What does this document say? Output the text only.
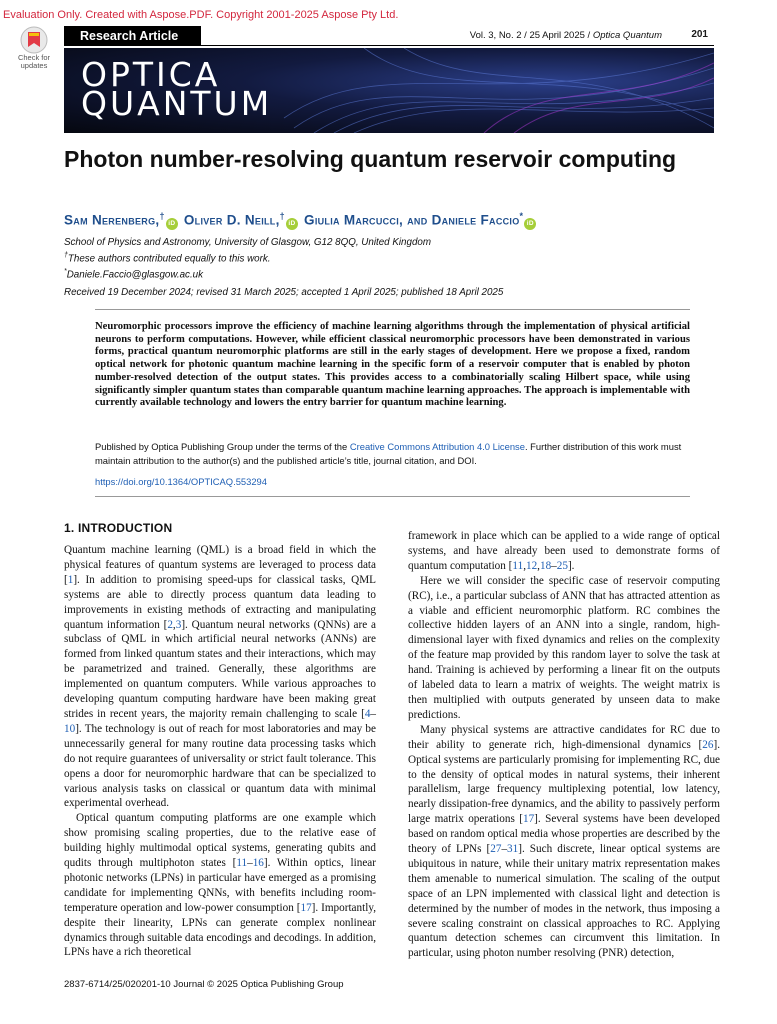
Evaluation Only. Created with Aspose.PDF. Copyright 2001-2025 Aspose Pty Ltd.
Check for
updates
Research Article	Vol. 3, No. 2 / 25 April 2025 / Optica Quantum	201
OPTICA
QUANTUM
Photon number-resolving quantum reservoir computing
Sam Nerenberg,†iD Oliver D. Neill,†iD Giulia Marcucci, and Daniele Faccio*iD
School of Physics and Astronomy, University of Glasgow, G12 8QQ, United Kingdom
†These authors contributed equally to this work.
*Daniele.Faccio@glasgow.ac.uk
Received 19 December 2024; revised 31 March 2025; accepted 1 April 2025; published 18 April 2025
Neuromorphic processors improve the efficiency of machine learning algorithms through the implementation of physical artificial neurons to perform computations. However, while efficient classical neuromorphic processors have been demonstrated in various forms, practical quantum neuromorphic platforms are still in the early stages of development. Here we propose a fixed, random optical network for photonic quantum machine learning in the specific form of a reservoir computer that is enabled by photon number-resolved detection of the output states. This provides access to a combinatorially scaling Hilbert space, while using significantly simpler quantum states than comparable quantum machine learning approaches. The approach is implementable with currently available technology and lowers the entry barrier for quantum machine learning.
Published by Optica Publishing Group under the terms of the Creative Commons Attribution 4.0 License. Further distribution of this work must maintain attribution to the author(s) and the published article’s title, journal citation, and DOI.
https://doi.org/10.1364/OPTICAQ.553294
1. INTRODUCTION

Quantum machine learning (QML) is a broad field in which the physical features of quantum systems are leveraged to process data [1]. In addition to promising speed-ups for classical tasks, QML systems are able to directly process quantum data leading to improvements in existing methods of extracting and manipulating quantum information [2,3]. Quantum neural networks (QNNs) are a subclass of QML in which artificial neural networks (ANNs) are formed from linked quantum states and their interactions, which may be parametrized and trained. Generally, these algorithms are implemented on quantum computers. While various approaches to developing quantum computing hardware have been making great strides in recent years, the majority remain challenging to scale [4–10]. The technology is out of reach for most laboratories and may be unnecessarily general for many routine data processing tasks which do not require guarantees of universality or strict fault tolerance. This opens a door for neuromorphic hardware that can be specialized to various analysis tasks on classical or quantum data with minimal experimental overhead.

Optical quantum computing platforms are one example which show promising scaling properties, due to the relative ease of building highly multimodal optical systems, generating qubits and qudits through multiphoton states [11–16]. Within optics, linear photonic networks (LPNs) in particular have emerged as a promising candidate for implementing QNNs, with benefits including room-temperature operation and low-power consumption [17]. Importantly, despite their linearity, LPNs can generate complex nonlinear dynamics through suitable data encodings and decodings. In addition, LPNs have a rich theoretical

framework in place which can be applied to a wide range of optical systems, and have already been used to demonstrate forms of quantum computation [11,12,18–25].

Here we will consider the specific case of reservoir computing (RC), i.e., a particular subclass of ANN that has attracted attention as a viable and efficient neuromorphic platform. RC combines the collective hidden layers of an ANN into a single, random, high-dimensional layer with fixed dynamics and relies on the complexity of the feature map provided by this random layer to solve the task at hand. Training is achieved by performing a linear fit on the outputs of labeled data to learn a matrix of weights. The weight matrix is then multiplied with outputs generated by unseen data to make predictions.

Many physical systems are attractive candidates for RC due to their ability to generate rich, high-dimensional dynamics [26]. Optical systems are particularly promising for implementing RC, due to the density of optical modes in natural systems, their inherent parallelism, large frequency multiplexing potential, low latency, nearly dissipation-free dynamics, and the ability to passively perform large matrix operations [17]. Several systems have been developed based on random optical media whose properties are described by the theory of LPNs [27–31]. Such discrete, linear optical systems are ubiquitous in nature, while their unitary matrix representation makes them amenable to numerical simulation. The scaling of the output space of an LPN implemented with classical light and detection is determined by the number of modes in the network, thus imposing a severe scaling constraint on classical approaches to RC. Applying quantum detection schemes can circumvent this limitation. In particular, using photon number resolving (PNR) detection,

2837-6714/25/020201-10 Journal © 2025 Optica Publishing Group
